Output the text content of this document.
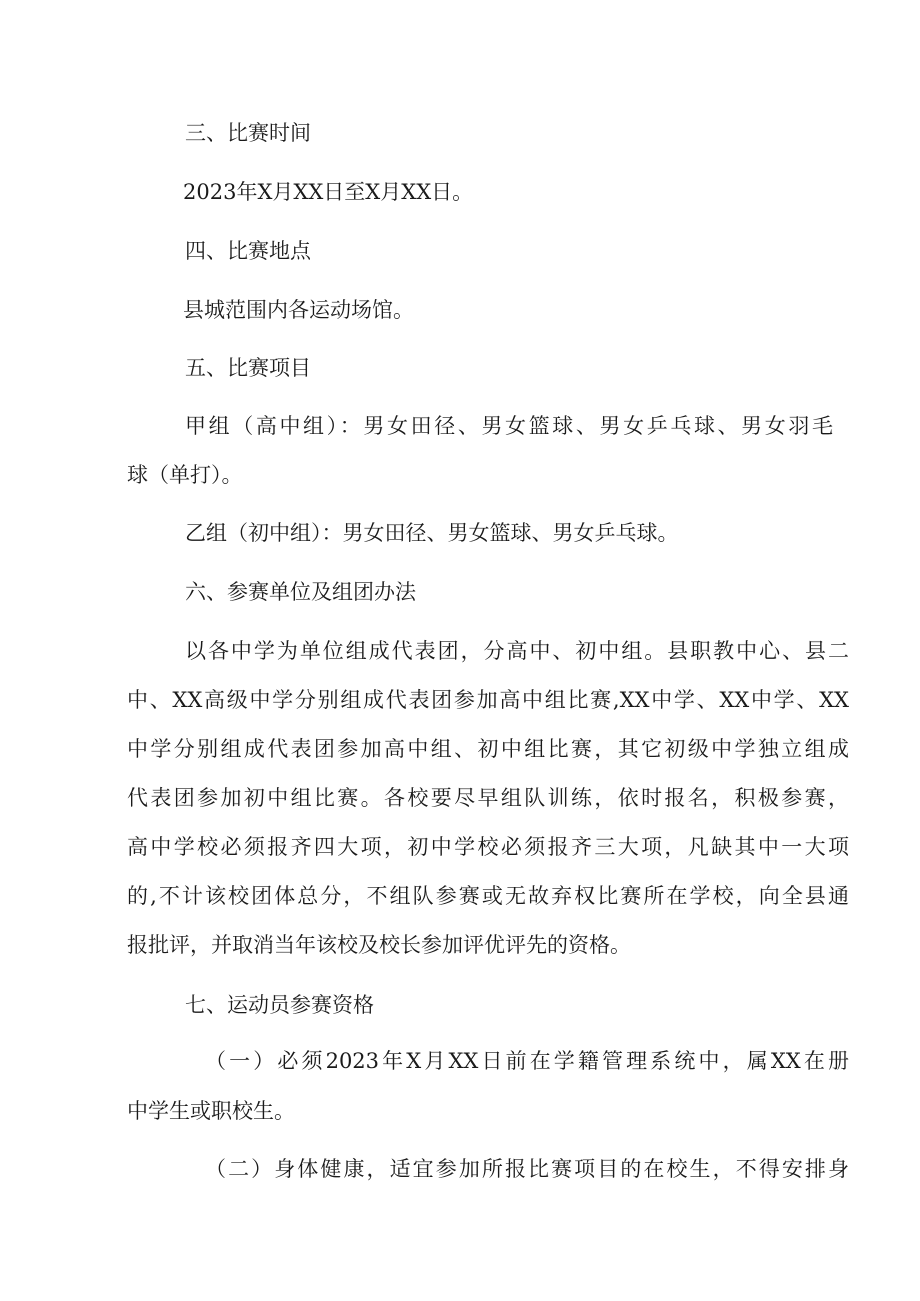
三、比赛时间

2023年X月XX日至X月XX日。

四、比赛地点

县城范围内各运动场馆。

五、比赛项目

甲组（高中组）：男女田径、男女篮球、男女乒乓球、男女羽毛

球（单打）。

乙组（初中组）：男女田径、男女篮球、男女乒乓球。

六、参赛单位及组团办法

以各中学为单位组成代表团，分高中、初中组。县职教中心、县二

中、XX高级中学分别组成代表团参加高中组比赛,XX中学、XX中学、XX

中学分别组成代表团参加高中组、初中组比赛，其它初级中学独立组成

代表团参加初中组比赛。各校要尽早组队训练，依时报名，积极参赛，

高中学校必须报齐四大项，初中学校必须报齐三大项，凡缺其中一大项

的,不计该校团体总分，不组队参赛或无故弃权比赛所在学校，向全县通

报批评，并取消当年该校及校长参加评优评先的资格。

七、运动员参赛资格

（一）必须2023年X月XX日前在学籍管理系统中，属XX在册

中学生或职校生。

（二）身体健康，适宜参加所报比赛项目的在校生，不得安排身
